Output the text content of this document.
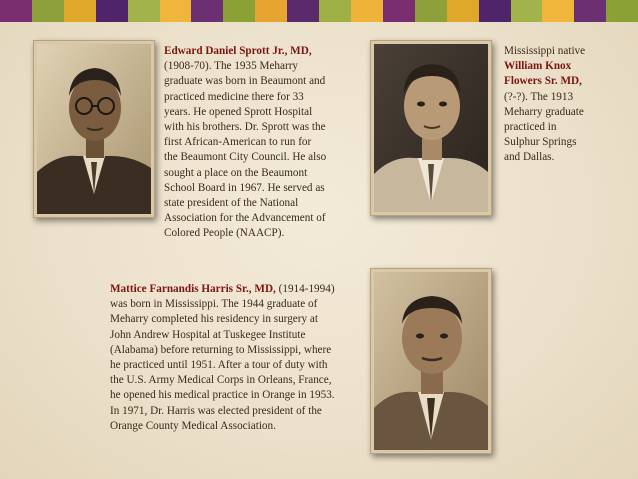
Edward Daniel Sprott Jr., MD,
(1908-70). The 1935 Meharry
graduate was born in Beaumont and
practiced medicine there for 33
years. He opened Sprott Hospital
with his brothers. Dr. Sprott was the
first African-American to run for
the Beaumont City Council. He also
sought a place on the Beaumont
School Board in 1967. He served as
state president of the National
Association for the Advancement of
Colored People (NAACP).
Mississippi native
William Knox
Flowers Sr. MD,
(?-?). The 1913
Meharry graduate
practiced in
Sulphur Springs
and Dallas.
Mattice Farnandis Harris Sr., MD, (1914-1994)
was born in Mississippi. The 1944 graduate of
Meharry completed his residency in surgery at
John Andrew Hospital at Tuskegee Institute
(Alabama) before returning to Mississippi, where
he practiced until 1951. After a tour of duty with
the U.S. Army Medical Corps in Orleans, France,
he opened his medical practice in Orange in 1953.
In 1971, Dr. Harris was elected president of the
Orange County Medical Association.
